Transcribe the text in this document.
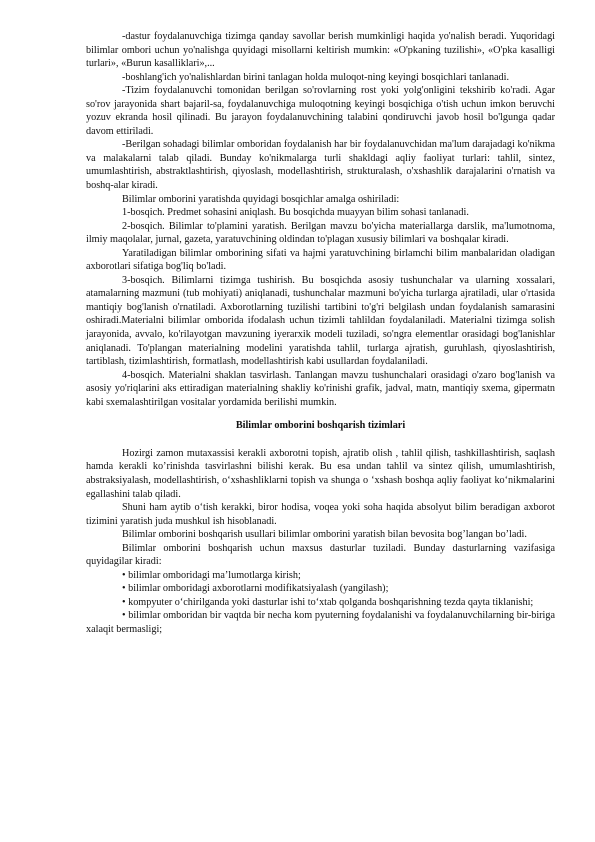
-dastur foydalanuvchiga tizimga qanday savollar berish mumkinligi haqida yo'nalish beradi. Yuqoridagi bilimlar ombori uchun yo'nalishga quyidagi misollarni keltirish mumkin: «O'pkaning tuzilishi», «O'pka kasalligi turlari», «Burun kasalliklari»,...

-boshlang'ich yo'nalishlardan birini tanlagan holda muloqot-ning keyingi bosqichlari tanlanadi.

-Tizim foydalanuvchi tomonidan berilgan so'rovlarning rost yoki yolg'onligini tekshirib ko'radi. Agar so'rov jarayonida shart bajaril-sa, foydalanuvchiga muloqotning keyingi bosqichiga o'tish uchun imkon beruvchi yozuv ekranda hosil qilinadi. Bu jarayon foydalanuvchining talabini qondiruvchi javob hosil bo'lgunga qadar davom ettiriladi.

-Berilgan sohadagi bilimlar omboridan foydalanish har bir foydalanuvchidan ma'lum darajadagi ko'nikma va malakalarni talab qiladi. Bunday ko'nikmalarga turli shakldagi aqliy faoliyat turlari: tahlil, sintez, umumlashtirish, abstraktlashtirish, qiyoslash, modellashtirish, strukturalash, o'xshashlik darajalarini o'rnatish va boshq-alar kiradi.

Bilimlar omborini yaratishda quyidagi bosqichlar amalga oshiriladi:

1-bosqich. Predmet sohasini aniqlash. Bu bosqichda muayyan bilim sohasi tanlanadi.

2-bosqich. Bilimlar to'plamini yaratish. Berilgan mavzu bo'yicha materiallarga darslik, ma'lumotnoma, ilmiy maqolalar, jurnal, gazeta, yaratuvchining oldindan to'plagan xususiy bilimlari va boshqalar kiradi.

Yaratiladigan bilimlar omborining sifati va hajmi yaratuvchining birlamchi bilim manbalaridan oladigan axborotlari sifatiga bog'liq bo'ladi.

3-bosqich. Bilimlarni tizimga tushirish. Bu bosqichda asosiy tushunchalar va ularning xossalari, atamalarning mazmuni (tub mohiyati) aniqlanadi, tushunchalar mazmuni bo'yicha turlarga ajratiladi, ular o'rtasida mantiqiy bog'lanish o'rnatiladi. Axborotlarning tuzilishi tartibini to'g'ri belgilash undan foydalanish samarasini oshiradi.Materialni bilimlar omborida ifodalash uchun tizimli tahlildan foydalaniladi. Materialni tizimga solish jarayonida, avvalo, ko'rilayotgan mavzuning iyerarxik modeli tuziladi, so'ngra elementlar orasidagi bog'lanishlar aniqlanadi. To'plangan materialning modelini yaratishda tahlil, turlarga ajratish, guruhlash, qiyoslashtirish, tartiblash, tizimlashtirish, formatlash, modellashtirish kabi usullardan foydalaniladi.

4-bosqich. Materialni shaklan tasvirlash. Tanlangan mavzu tushunchalari orasidagi o'zaro bog'lanish va asosiy yo'riqlarini aks ettiradigan materialning shakliy ko'rinishi grafik, jadval, matn, mantiqiy sxema, gipermatn kabi sxemalashtirilgan vositalar yordamida berilishi mumkin.

Bilimlar omborini boshqarish tizimlari

Hozirgi zamon mutaxassisi kerakli axborotni topish, ajratib olish , tahlil qilish, tashkillashtirish, saqlash hamda kerakli ko’rinishda tasvirlashni bilishi kerak. Bu esa undan tahlil va sintez qilish, umumlashtirish, abstraksiyalash, modellashtirish, o‘xshashliklarni topish va shunga o ‘xshash boshqa aqliy faoliyat ko‘nikmalarini egallashini talab qiladi.

Shuni ham aytib o‘tish kerakki, biror hodisa, voqea yoki soha haqida absolyut bilim beradigan axborot tizimini yaratish juda mushkul ish hisoblanadi.

Bilimlar omborini boshqarish usullari bilimlar omborini yaratish bilan bevosita bog’langan bo’ladi.

Bilimlar omborini boshqarish uchun maxsus dasturlar tuziladi. Bunday dasturlarning vazifasiga quyidagilar kiradi:

• bilimlar omboridagi ma’lumotlarga kirish;

• bilimlar omboridagi axborotlarni modifikatsiyalash (yangilash);

• kompyuter o‘chirilganda yoki dasturlar ishi to‘xtab qolganda boshqarishning tezda qayta tiklanishi;

• bilimlar omboridan bir vaqtda bir necha kom pyuterning foydalanishi va foydalanuvchilarning bir-biriga xalaqit bermasligi;
